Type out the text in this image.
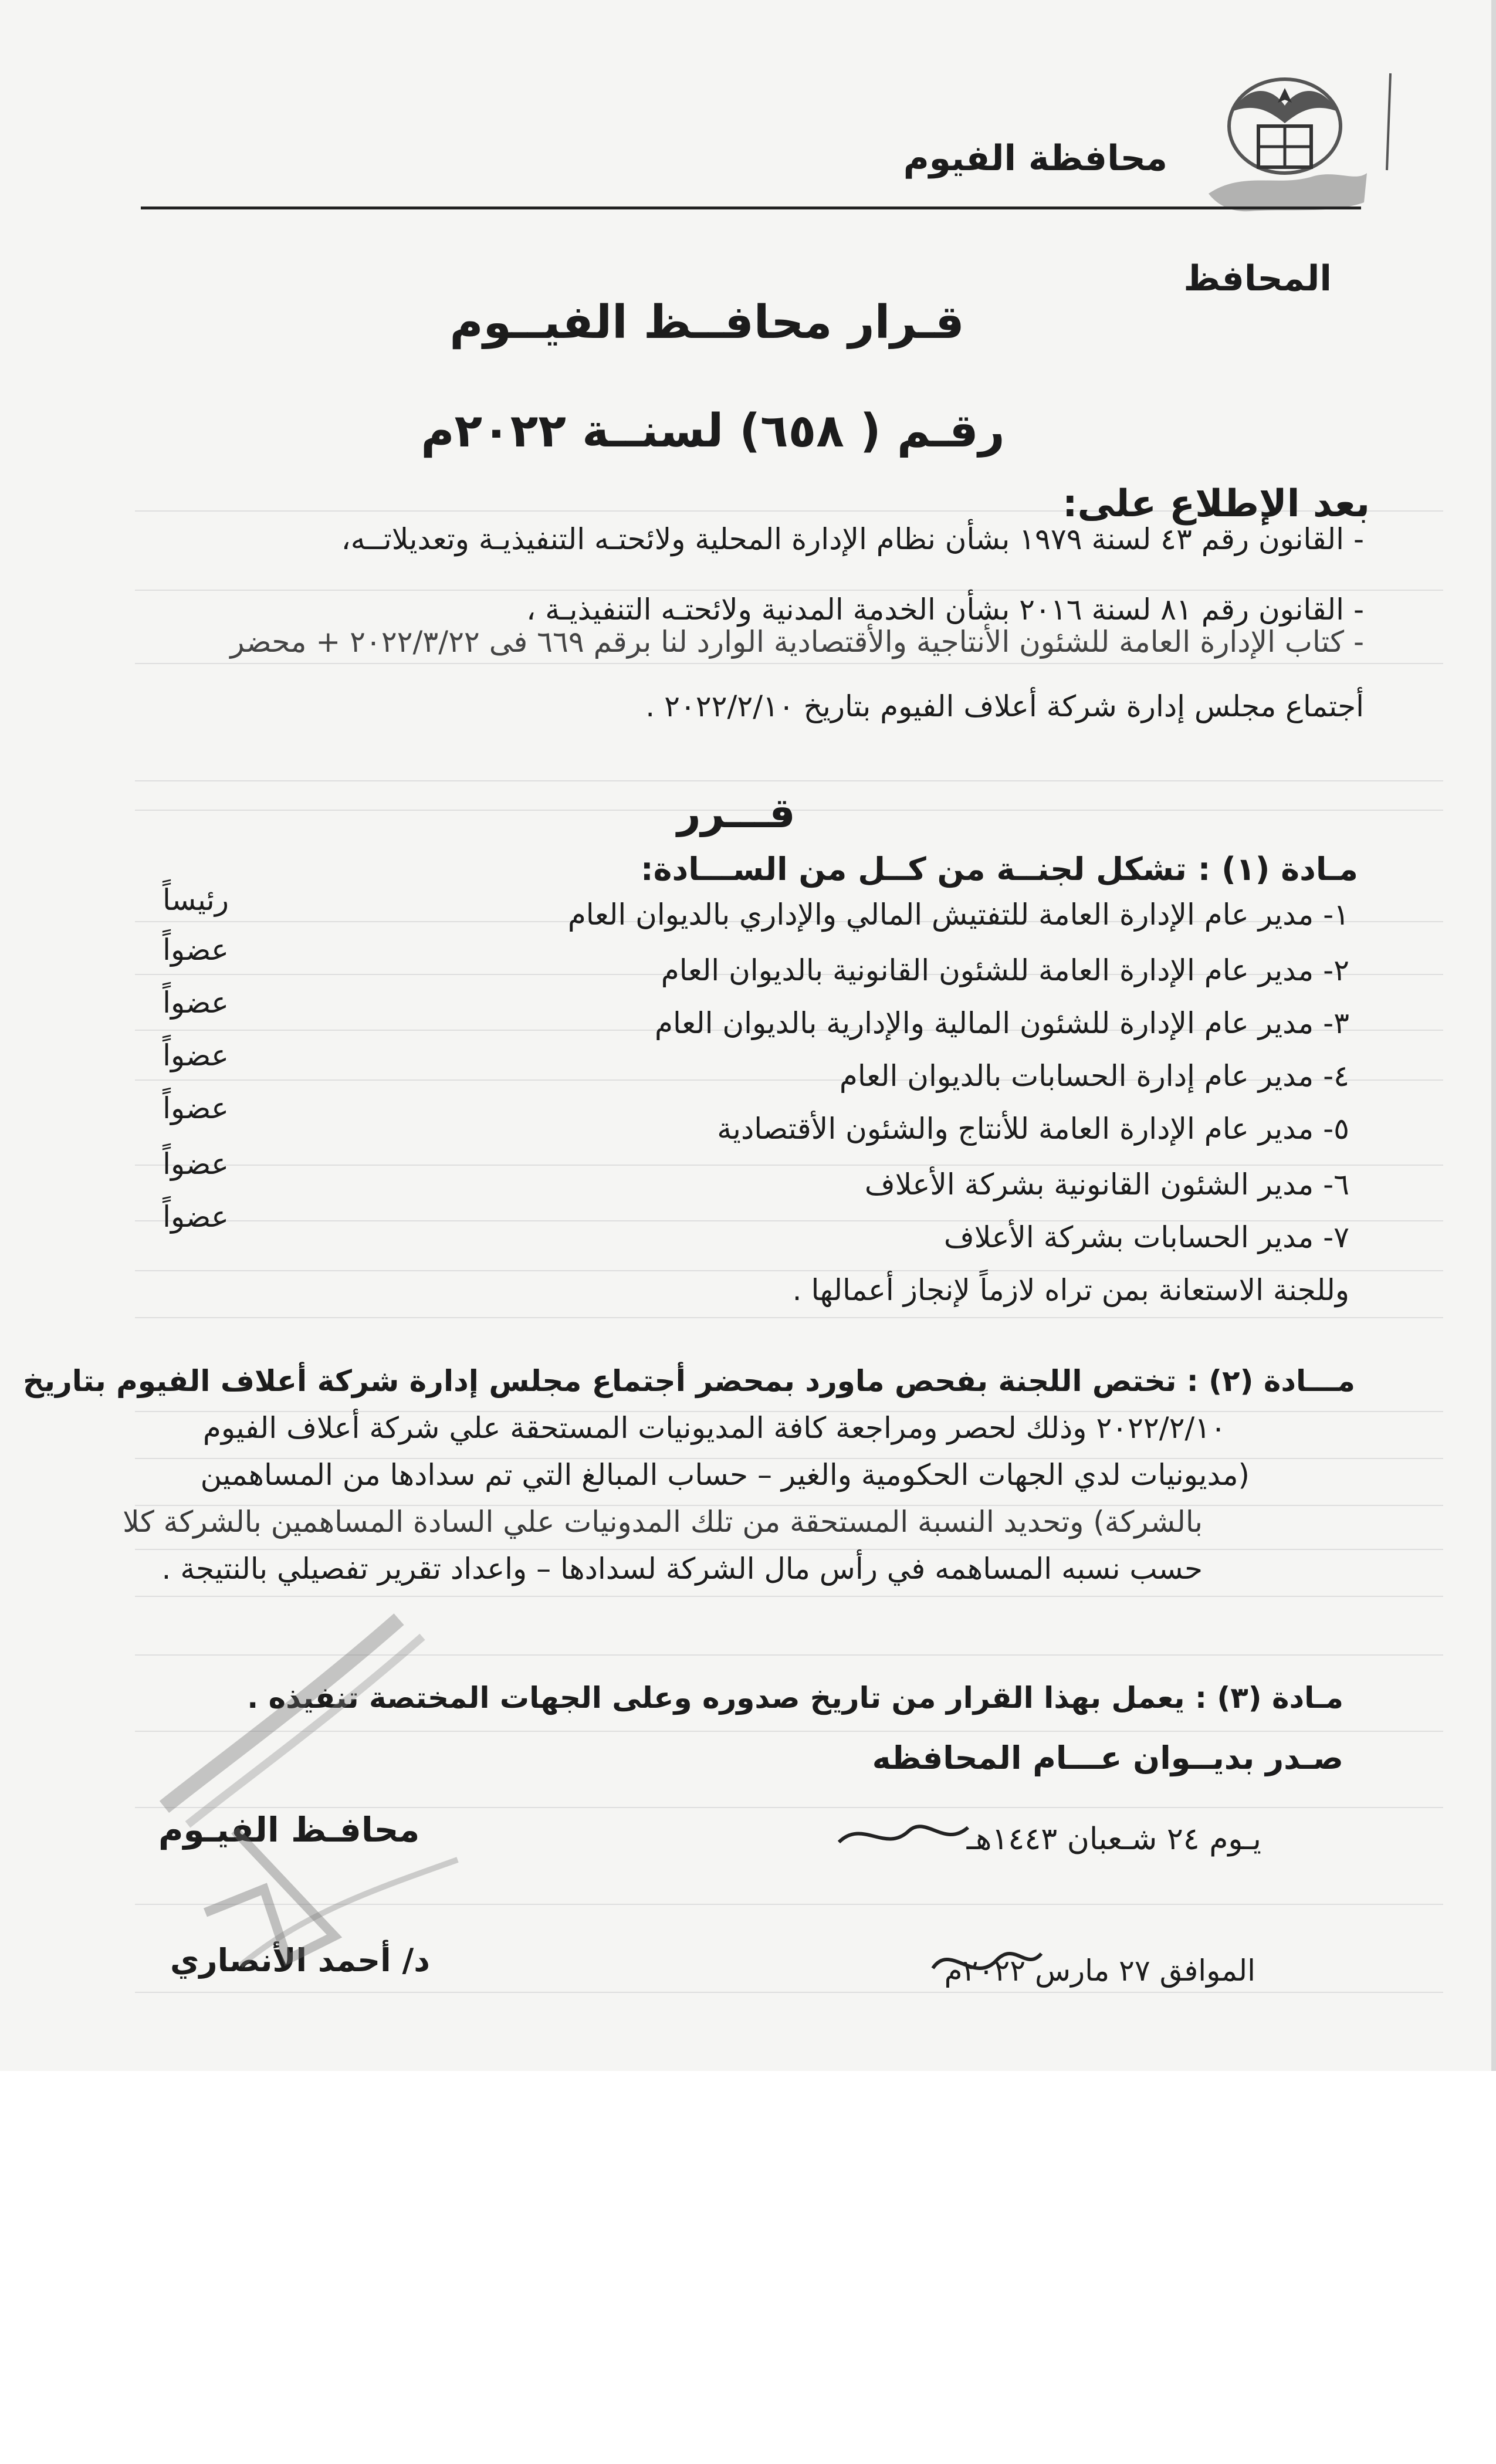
محافظة الفيوم
المحافظ
قـرار محافــظ الفيــوم
رقـم ( ٦٥٨) لسنــة ٢٠٢٢م
بعد الإطلاع على:
- القانون رقم ٤٣ لسنة ١٩٧٩ بشأن نظام الإدارة المحلية ولائحتـه التنفيذيـة وتعديلاتــه،
- القانون رقم ٨١ لسنة ٢٠١٦ بشأن الخدمة المدنية ولائحتـه التنفيذيـة ،
- كتاب الإدارة العامة للشئون الأنتاجية والأقتصادية الوارد لنا برقم ٦٦٩ فى ٢٠٢٢/٣/٢٢ + محضر
أجتماع مجلس إدارة شركة أعلاف الفيوم بتاريخ ٢٠٢٢/٢/١٠ .
قـــرر
مـادة (١) : تشكل لجنــة من كــل من الســـادة:
١- مدير عام الإدارة العامة للتفتيش المالي والإداري بالديوان العام
رئيساً
٢- مدير عام الإدارة العامة للشئون القانونية بالديوان العام
عضواً
٣- مدير عام الإدارة للشئون المالية والإدارية بالديوان العام
عضواً
٤- مدير عام إدارة الحسابات بالديوان العام
عضواً
٥- مدير عام الإدارة العامة للأنتاج والشئون الأقتصادية
عضواً
٦- مدير الشئون القانونية بشركة الأعلاف
عضواً
٧- مدير الحسابات بشركة الأعلاف
عضواً
وللجنة الاستعانة بمن تراه لازماً لإنجاز أعمالها .
مـــادة (٢) : تختص اللجنة بفحص ماورد بمحضر أجتماع مجلس إدارة شركة أعلاف الفيوم بتاريخ
٢٠٢٢/٢/١٠ وذلك لحصر ومراجعة كافة المديونيات المستحقة علي شركة أعلاف الفيوم
(مديونيات لدي الجهات الحكومية والغير – حساب المبالغ التي تم سدادها من المساهمين
بالشركة) وتحديد النسبة المستحقة من تلك المدونيات علي السادة المساهمين بالشركة كلا
حسب نسبه المساهمه في رأس مال الشركة لسدادها – واعداد تقرير تفصيلي بالنتيجة .
مـادة (٣) : يعمل بهذا القرار من تاريخ صدوره وعلى الجهات المختصة تنفيذه .
صـدر بديــوان عـــام المحافظه
محافـظ الفيـوم
د/ أحمد الأنصاري
يـوم ٢٤ شـعبان ١٤٤٣هـ
الموافق ٢٧ مارس ٢٠٢٢م
